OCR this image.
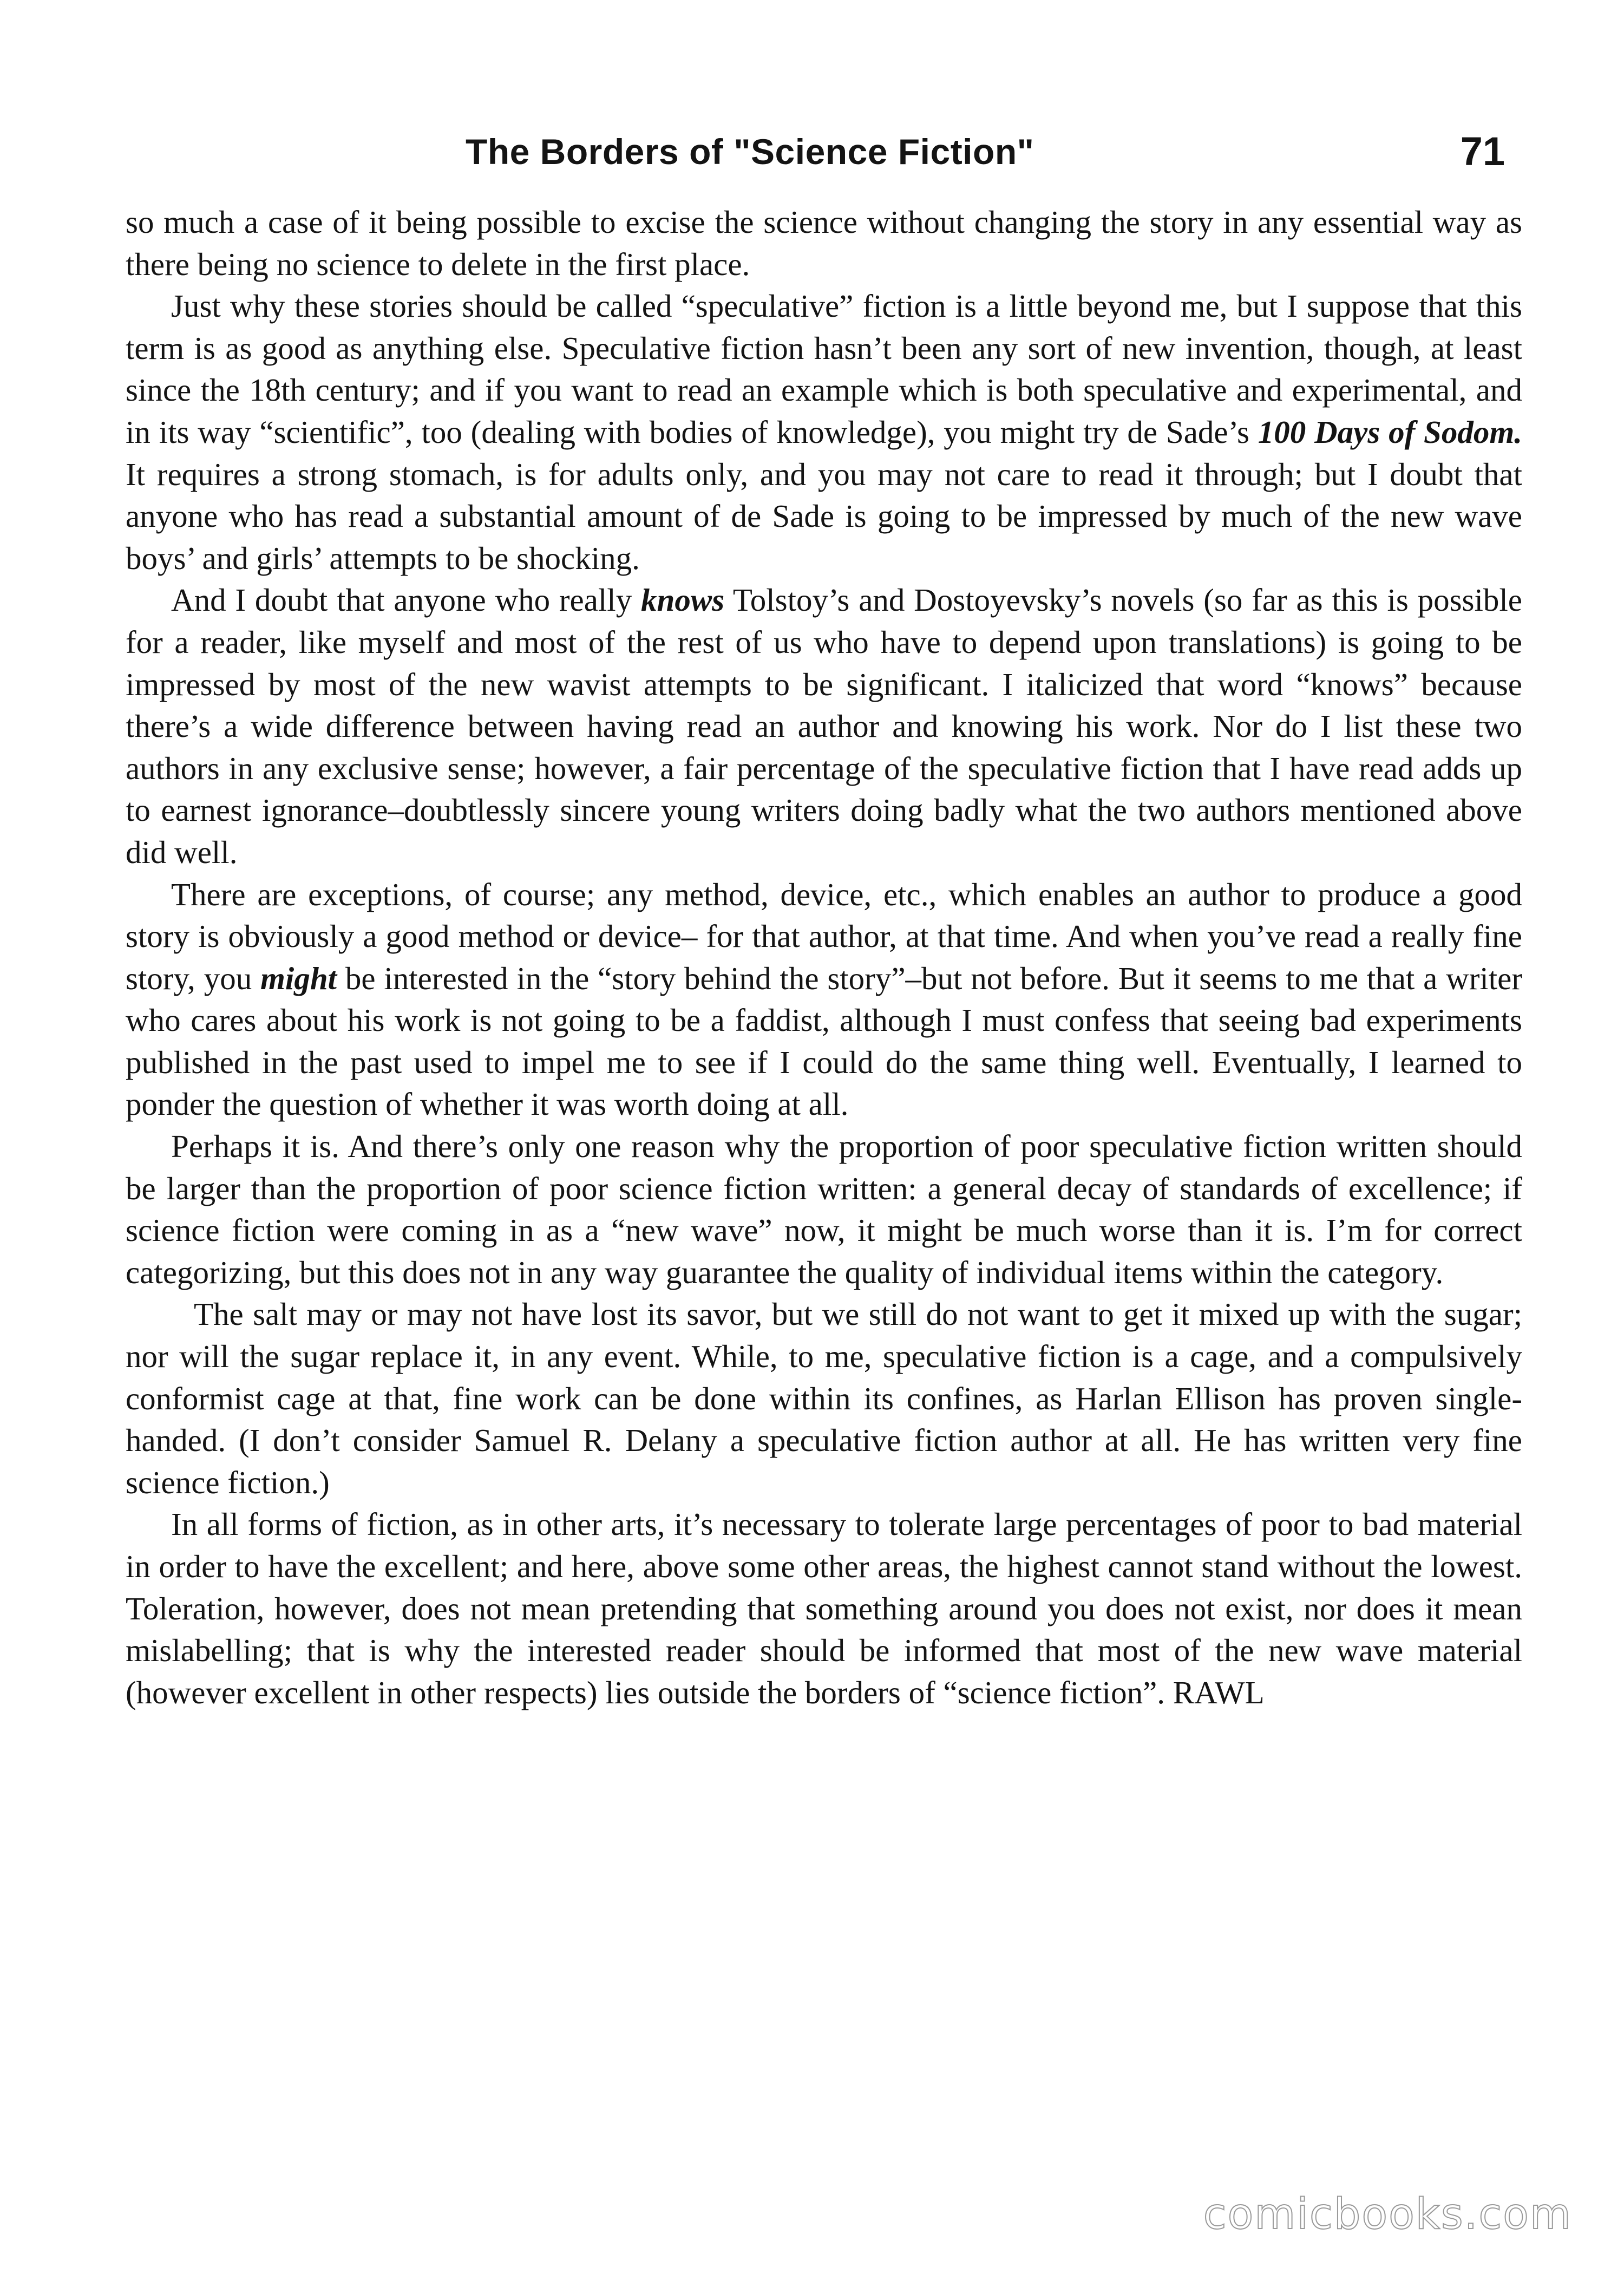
The Borders of "Science Fiction"	71

so much a case of it being possible to excise the science without changing the story in any essential way as there being no science to delete in the first place.

Just why these stories should be called “speculative” fiction is a little beyond me, but I suppose that this term is as good as anything else. Speculative fiction hasn’t been any sort of new invention, though, at least since the 18th century; and if you want to read an example which is both speculative and experimental, and in its way “scientific”, too (dealing with bodies of knowledge), you might try de Sade’s 100 Days of Sodom. It requires a strong stomach, is for adults only, and you may not care to read it through; but I doubt that anyone who has read a substantial amount of de Sade is going to be impressed by much of the new wave boys’ and girls’ attempts to be shocking.

And I doubt that anyone who really knows Tolstoy’s and Dostoyevsky’s novels (so far as this is possible for a reader, like myself and most of the rest of us who have to depend upon translations) is going to be impressed by most of the new wavist attempts to be significant. I italicized that word “knows” because there’s a wide difference between having read an author and knowing his work. Nor do I list these two authors in any exclusive sense; however, a fair percentage of the speculative fiction that I have read adds up to earnest ignorance–doubtlessly sincere young writers doing badly what the two authors mentioned above did well.

There are exceptions, of course; any method, device, etc., which enables an author to produce a good story is obviously a good method or device– for that author, at that time. And when you’ve read a really fine story, you might be interested in the “story behind the story”–but not before. But it seems to me that a writer who cares about his work is not going to be a faddist, although I must confess that seeing bad experiments published in the past used to impel me to see if I could do the same thing well. Eventually, I learned to ponder the question of whether it was worth doing at all.

Perhaps it is. And there’s only one reason why the proportion of poor speculative fiction written should be larger than the proportion of poor science fiction written: a general decay of standards of excellence; if science fiction were coming in as a “new wave” now, it might be much worse than it is. I’m for correct categorizing, but this does not in any way guarantee the quality of individual items within the category.

The salt may or may not have lost its savor, but we still do not want to get it mixed up with the sugar; nor will the sugar replace it, in any event. While, to me, speculative fiction is a cage, and a compulsively conformist cage at that, fine work can be done within its confines, as Harlan Ellison has proven single-handed. (I don’t consider Samuel R. Delany a speculative fiction author at all. He has written very fine science fiction.)

In all forms of fiction, as in other arts, it’s necessary to tolerate large percentages of poor to bad material in order to have the excellent; and here, above some other areas, the highest cannot stand without the lowest. Toleration, however, does not mean pretending that something around you does not exist, nor does it mean mislabelling; that is why the interested reader should be informed that most of the new wave material (however excellent in other respects) lies outside the borders of “science fiction”. RAWL

comicbooks.com
